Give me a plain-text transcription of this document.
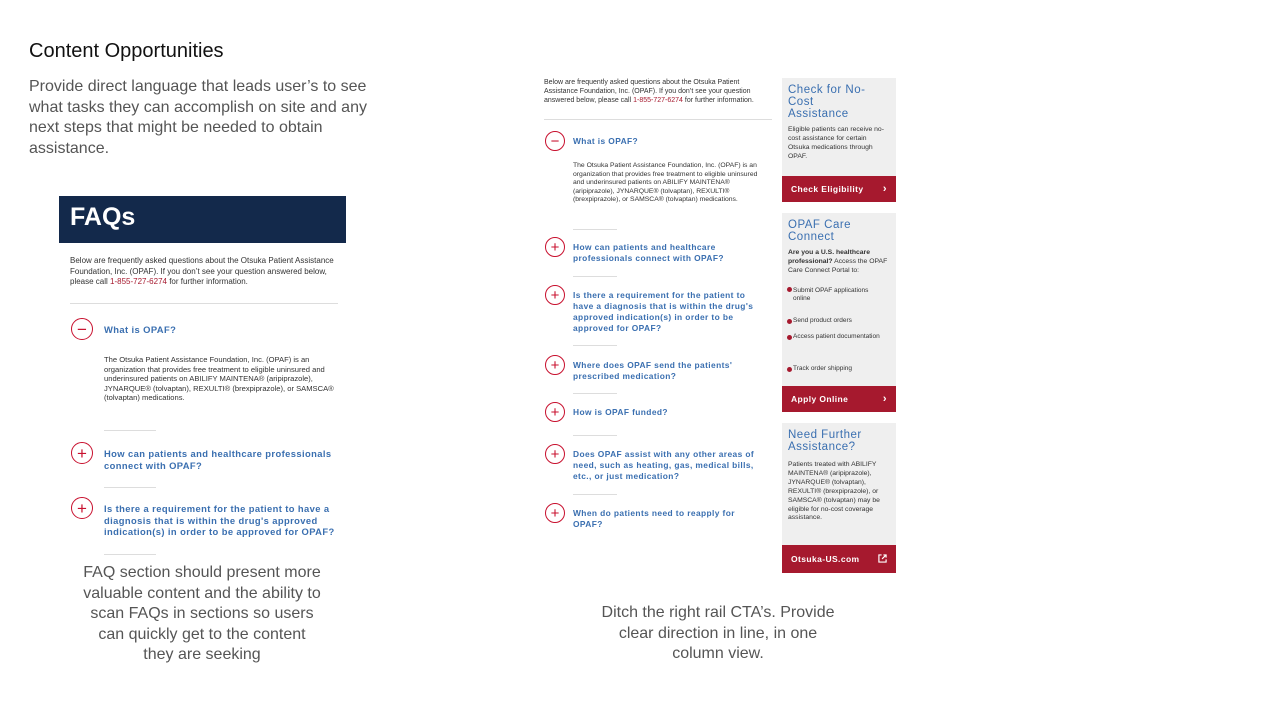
Content Opportunities
Provide direct language that leads user’s to see what tasks they can accomplish on site and any next steps that might be needed to obtain assistance.
FAQs
Below are frequently asked questions about the Otsuka Patient Assistance Foundation, Inc. (OPAF). If you don’t see your question answered below, please call 1-855-727-6274 for further information.
− What is OPAF?
The Otsuka Patient Assistance Foundation, Inc. (OPAF) is an organization that provides free treatment to eligible uninsured and underinsured patients on ABILIFY MAINTENA® (aripiprazole), JYNARQUE® (tolvaptan), REXULTI® (brexpiprazole), or SAMSCA® (tolvaptan) medications.
+ How can patients and healthcare professionals connect with OPAF?
+ Is there a requirement for the patient to have a diagnosis that is within the drug's approved indication(s) in order to be approved for OPAF?
FAQ section should present more valuable content and the ability to scan FAQs in sections so users can quickly get to the content they are seeking
Below are frequently asked questions about the Otsuka Patient Assistance Foundation, Inc. (OPAF). If you don’t see your question answered below, please call 1-855-727-6274 for further information.
− What is OPAF?
The Otsuka Patient Assistance Foundation, Inc. (OPAF) is an organization that provides free treatment to eligible uninsured and underinsured patients on ABILIFY MAINTENA® (aripiprazole), JYNARQUE® (tolvaptan), REXULTI® (brexpiprazole), or SAMSCA® (tolvaptan) medications.
+ How can patients and healthcare professionals connect with OPAF?
+ Is there a requirement for the patient to have a diagnosis that is within the drug's approved indication(s) in order to be approved for OPAF?
+ Where does OPAF send the patients' prescribed medication?
+ How is OPAF funded?
+ Does OPAF assist with any other areas of need, such as heating, gas, medical bills, etc., or just medication?
+ When do patients need to reapply for OPAF?
Check for No-Cost Assistance
Eligible patients can receive no-cost assistance for certain Otsuka medications through OPAF.
Check Eligibility ›
OPAF Care Connect
Are you a U.S. healthcare professional? Access the OPAF Care Connect Portal to:
Submit OPAF applications online
Send product orders
Access patient documentation
Track order shipping
Apply Online	›
Need Further Assistance?
Patients treated with ABILIFY MAINTENA® (aripiprazole), JYNARQUE® (tolvaptan), REXULTI® (brexpiprazole), or SAMSCA® (tolvaptan) may be eligible for no-cost coverage assistance.
Otsuka-US.com
Ditch the right rail CTA’s. Provide clear direction in line, in one column view.
